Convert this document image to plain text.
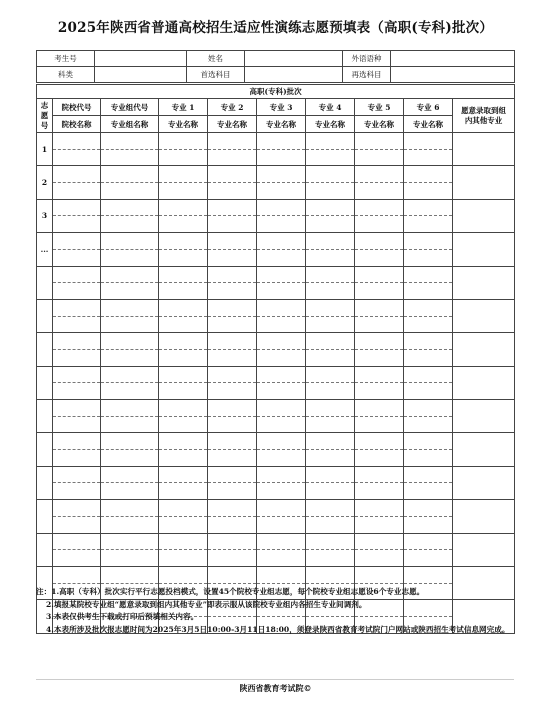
2025年陕西省普通高校招生适应性演练志愿预填表（高职(专科)批次）
考生号		姓名		外语语种	
科类		首选科目		再选科目	
高职(专科)批次									
志愿号	院校代号	专业组代号	专业 1	专业 2	专业 3	专业 4	专业 5	专业 6	愿意录取到组内其他专业
	院校名称	专业组名称	专业名称	专业名称	专业名称	专业名称	专业名称	专业名称	
1									

2									

3									

...									

注：1.高职（专科）批次实行平行志愿投档模式，设置45个院校专业组志愿，每个院校专业组志愿设6个专业志愿。

2.填报某院校专业组“愿意录取到组内其他专业”即表示服从该院校专业组内各招生专业间调剂。

3.本表仅供考生下载或打印后预填相关内容。

4.本表所涉及批次报志愿时间为2025年3月5日10:00-3月11日18:00，须登录陕西省教育考试院门户网站或陕西招生考试信息网完成。

陕西省教育考试院©
